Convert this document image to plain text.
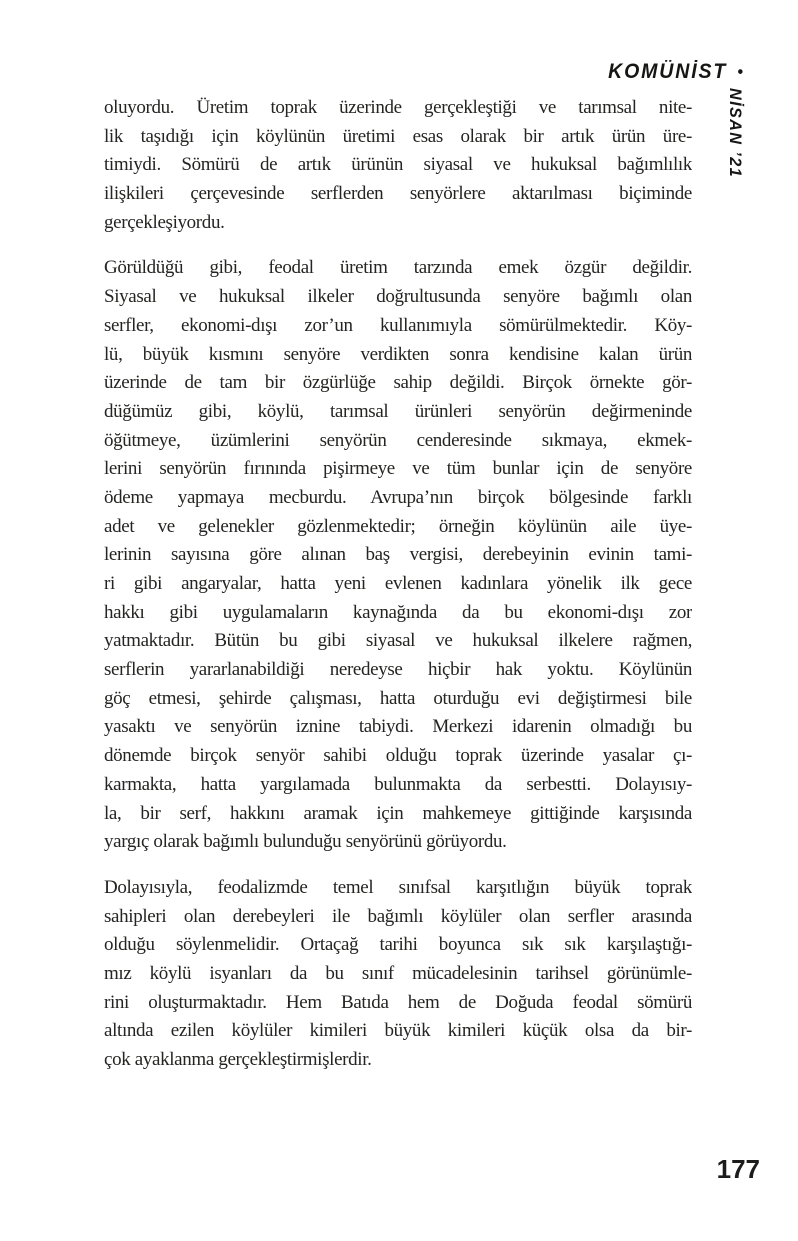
KOMÜNİST •
NİSAN ’21

oluyordu. Üretim toprak üzerinde gerçekleştiği ve tarımsal nite-
lik taşıdığı için köylünün üretimi esas olarak bir artık ürün üre-
timiydi. Sömürü de artık ürünün siyasal ve hukuksal bağımlılık
ilişkileri çerçevesinde serflerden senyörlere aktarılması biçiminde
gerçekleşiyordu.

Görüldüğü gibi, feodal üretim tarzında emek özgür değildir.
Siyasal ve hukuksal ilkeler doğrultusunda senyöre bağımlı olan
serfler, ekonomi-dışı zor’un kullanımıyla sömürülmektedir. Köy-
lü, büyük kısmını senyöre verdikten sonra kendisine kalan ürün
üzerinde de tam bir özgürlüğe sahip değildi. Birçok örnekte gör-
düğümüz gibi, köylü, tarımsal ürünleri senyörün değirmeninde
öğütmeye, üzümlerini senyörün cenderesinde sıkmaya, ekmek-
lerini senyörün fırınında pişirmeye ve tüm bunlar için de senyöre
ödeme yapmaya mecburdu. Avrupa’nın birçok bölgesinde farklı
adet ve gelenekler gözlenmektedir; örneğin köylünün aile üye-
lerinin sayısına göre alınan baş vergisi, derebeyinin evinin tami-
ri gibi angaryalar, hatta yeni evlenen kadınlara yönelik ilk gece
hakkı gibi uygulamaların kaynağında da bu ekonomi-dışı zor
yatmaktadır. Bütün bu gibi siyasal ve hukuksal ilkelere rağmen,
serflerin yararlanabildiği neredeyse hiçbir hak yoktu. Köylünün
göç etmesi, şehirde çalışması, hatta oturduğu evi değiştirmesi bile
yasaktı ve senyörün iznine tabiydi. Merkezi idarenin olmadığı bu
dönemde birçok senyör sahibi olduğu toprak üzerinde yasalar çı-
karmakta, hatta yargılamada bulunmakta da serbestti. Dolayısıy-
la, bir serf, hakkını aramak için mahkemeye gittiğinde karşısında
yargıç olarak bağımlı bulunduğu senyörünü görüyordu.

Dolayısıyla, feodalizmde temel sınıfsal karşıtlığın büyük toprak
sahipleri olan derebeyleri ile bağımlı köylüler olan serfler arasında
olduğu söylenmelidir. Ortaçağ tarihi boyunca sık sık karşılaştığı-
mız köylü isyanları da bu sınıf mücadelesinin tarihsel görünümle-
rini oluşturmaktadır. Hem Batıda hem de Doğuda feodal sömürü
altında ezilen köylüler kimileri büyük kimileri küçük olsa da bir-
çok ayaklanma gerçekleştirmişlerdir.

177
